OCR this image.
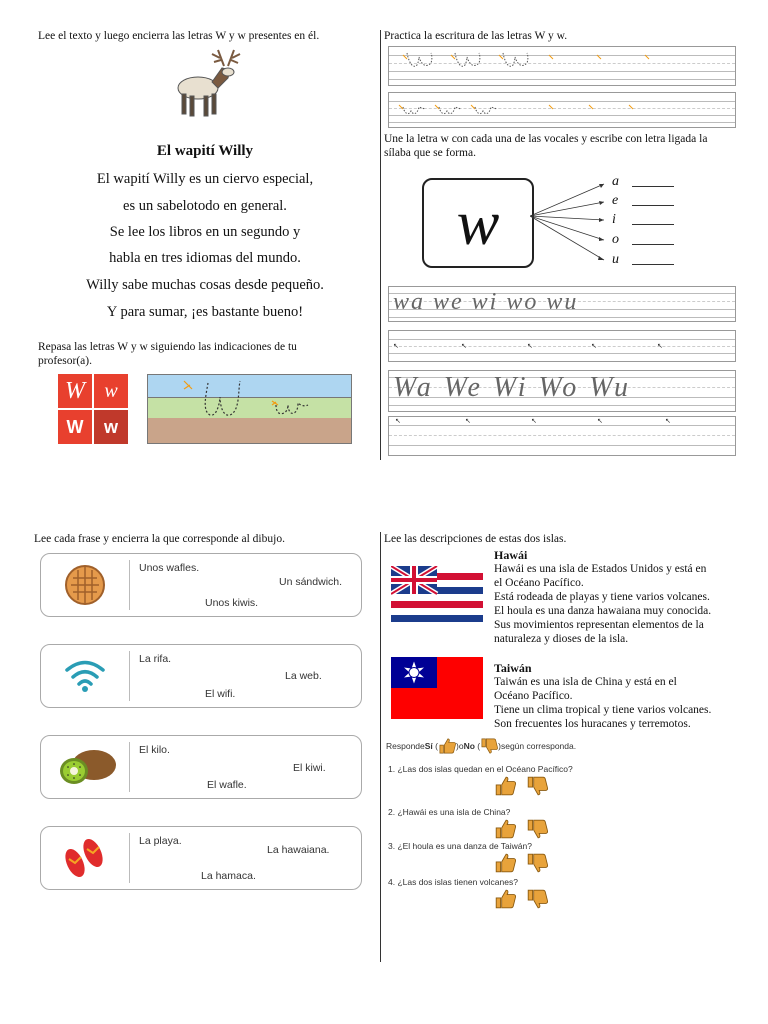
Lee el texto y luego encierra las letras W y w presentes en él.
El wapití Willy
El wapití Willy es un ciervo especial,
es un sabelotodo en general.
Se lee los libros en un segundo y
habla en tres idiomas del mundo.
Willy sabe muchas cosas desde pequeño.
Y para sumar, ¡es bastante bueno!
Repasa las letras W y w siguiendo las indicaciones de tu profesor(a).
W w
W	w
Practica la escritura de las letras W y w.
Une la letra w con cada una de las vocales y escribe con letra ligada la sílaba que se forma.
w
a
e
i
o
u
wa we wi wo wu
↖	↖	↖	↖	↖
Wa We Wi Wo Wu
↖	↖	↖	↖	↖
Lee cada frase y encierra la que corresponde al dibujo.
Unos wafles.
Un sándwich.
Unos kiwis.
La rifa.
La web.
El wifi.
El kilo.
El kiwi.
El wafle.
La playa.
La hawaiana.
La hamaca.
Lee las descripciones de estas dos islas.
Hawái
Hawái es una isla de Estados Unidos y está en
el Océano Pacífico.
Está rodeada de playas y tiene varios volcanes.
El houla es una danza hawaiana muy conocida.
Sus movimientos representan elementos de la
naturaleza y dioses de la isla.
Taiwán
Taiwán es una isla de China y está en el
Océano Pacífico.
Tiene un clima tropical y tiene varios volcanes.
Son frecuentes los huracanes y terremotos.
Responde Sí ( ) o No ( ) según corresponda.
1. ¿Las dos islas quedan en el Océano Pacífico?
2. ¿Hawái es una isla de China?
3. ¿El houla es una danza de Taiwán?
4. ¿Las dos islas tienen volcanes?
